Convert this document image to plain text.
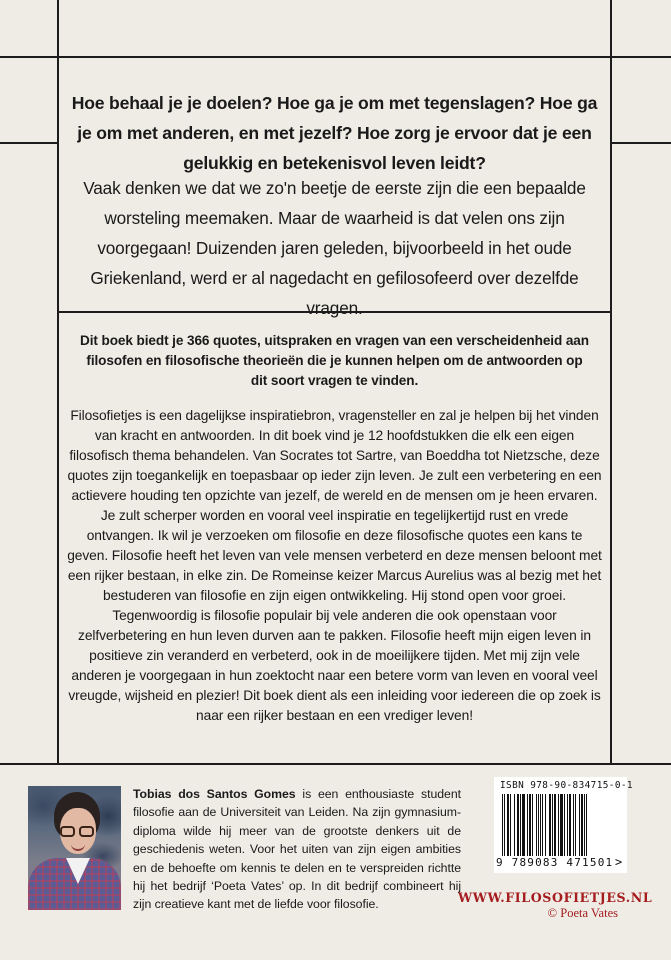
Hoe behaal je je doelen? Hoe ga je om met tegenslagen? Hoe ga je om met anderen, en met jezelf? Hoe zorg je ervoor dat je een gelukkig en betekenisvol leven leidt?
Vaak denken we dat we zo'n beetje de eerste zijn die een bepaalde worsteling meemaken. Maar de waarheid is dat velen ons zijn voorgegaan! Duizenden jaren geleden, bijvoorbeeld in het oude Griekenland, werd er al nagedacht en gefilosofeerd over dezelfde vragen.
Dit boek biedt je 366 quotes, uitspraken en vragen van een verscheidenheid aan filosofen en filosofische theorieën die je kunnen helpen om de antwoorden op dit soort vragen te vinden.
Filosofietjes is een dagelijkse inspiratiebron, vragensteller en zal je helpen bij het vinden van kracht en antwoorden. In dit boek vind je 12 hoofdstukken die elk een eigen filosofisch thema behandelen. Van Socrates tot Sartre, van Boeddha tot Nietzsche, deze quotes zijn toegankelijk en toepasbaar op ieder zijn leven. Je zult een verbetering en een actievere houding ten opzichte van jezelf, de wereld en de mensen om je heen ervaren. Je zult scherper worden en vooral veel inspiratie en tegelijkertijd rust en vrede ontvangen. Ik wil je verzoeken om filosofie en deze filosofische quotes een kans te geven. Filosofie heeft het leven van vele mensen verbeterd en deze mensen beloont met een rijker bestaan, in elke zin. De Romeinse keizer Marcus Aurelius was al bezig met het bestuderen van filosofie en zijn eigen ontwikkeling. Hij stond open voor groei. Tegenwoordig is filosofie populair bij vele anderen die ook openstaan voor zelfverbetering en hun leven durven aan te pakken. Filosofie heeft mijn eigen leven in positieve zin veranderd en verbeterd, ook in de moeilijkere tijden. Met mij zijn vele anderen je voorgegaan in hun zoektocht naar een betere vorm van leven en vooral veel vreugde, wijsheid en plezier! Dit boek dient als een inleiding voor iedereen die op zoek is naar een rijker bestaan en een vrediger leven!
Tobias dos Santos Gomes is een enthousiaste student filosofie aan de Universiteit van Leiden. Na zijn gymnasium-diploma wilde hij meer van de grootste denkers uit de geschiedenis weten. Voor het uiten van zijn eigen ambities en de behoefte om kennis te delen en te verspreiden richtte hij het bedrijf ‘Poeta Vates’ op. In dit bedrijf combineert hij zijn creatieve kant met de liefde voor filosofie.
ISBN 978-90-834715-0-1
9 789083 471501 >
WWW.FILOSOFIETJES.NL
© Poeta Vates
